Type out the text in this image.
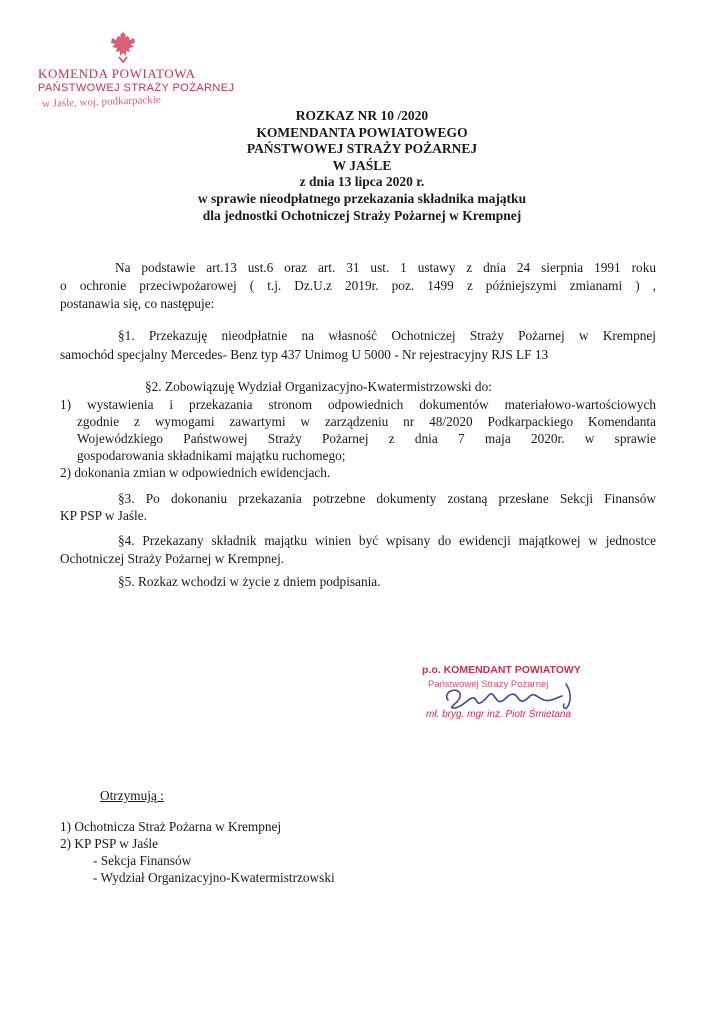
KOMENDA POWIATOWA
PAŃSTWOWEJ STRAŻY POŻARNEJ
w Jaśle, woj. podkarpackie
ROZKAZ NR 10 /2020
KOMENDANTA POWIATOWEGO
PAŃSTWOWEJ STRAŻY POŻARNEJ
W JAŚLE
z dnia 13 lipca 2020 r.
w sprawie nieodpłatnego przekazania składnika majątku
dla jednostki Ochotniczej Straży Pożarnej w Krempnej
Na podstawie art.13 ust.6 oraz art. 31 ust. 1 ustawy z dnia 24 sierpnia 1991 roku
o ochronie przeciwpożarowej ( t.j. Dz.U.z 2019r. poz. 1499 z późniejszymi zmianami ) ,
postanawia się, co następuje:
§1. Przekazuję nieodpłatnie na własność Ochotniczej Straży Pożarnej w Krempnej
samochód specjalny Mercedes- Benz typ 437 Unimog U 5000 - Nr rejestracyjny RJS LF 13
§2. Zobowiązuję Wydział Organizacyjno-Kwatermistrzowski do:
1) wystawienia i przekazania stronom odpowiednich dokumentów materiałowo-wartościowych
zgodnie z wymogami zawartymi w zarządzeniu nr 48/2020 Podkarpackiego Komendanta
Wojewódzkiego Państwowej Straży Pożarnej z dnia 7 maja 2020r. w sprawie
gospodarowania składnikami majątku ruchomego;
2) dokonania zmian w odpowiednich ewidencjach.
§3. Po dokonaniu przekazania potrzebne dokumenty zostaną przesłane Sekcji Finansów
KP PSP w Jaśle.
§4. Przekazany składnik majątku winien być wpisany do ewidencji majątkowej w jednostce
Ochotniczej Straży Pożarnej w Krempnej.
§5. Rozkaz wchodzi w życie z dniem podpisania.
p.o. KOMENDANT POWIATOWY
Państwowej Straży Pożarnej
mł. bryg. mgr inż. Piotr Śmietana
Otrzymują :
1) Ochotnicza Straż Pożarna w Krempnej
2) KP PSP w Jaśle
- Sekcja Finansów
- Wydział Organizacyjno-Kwatermistrzowski
